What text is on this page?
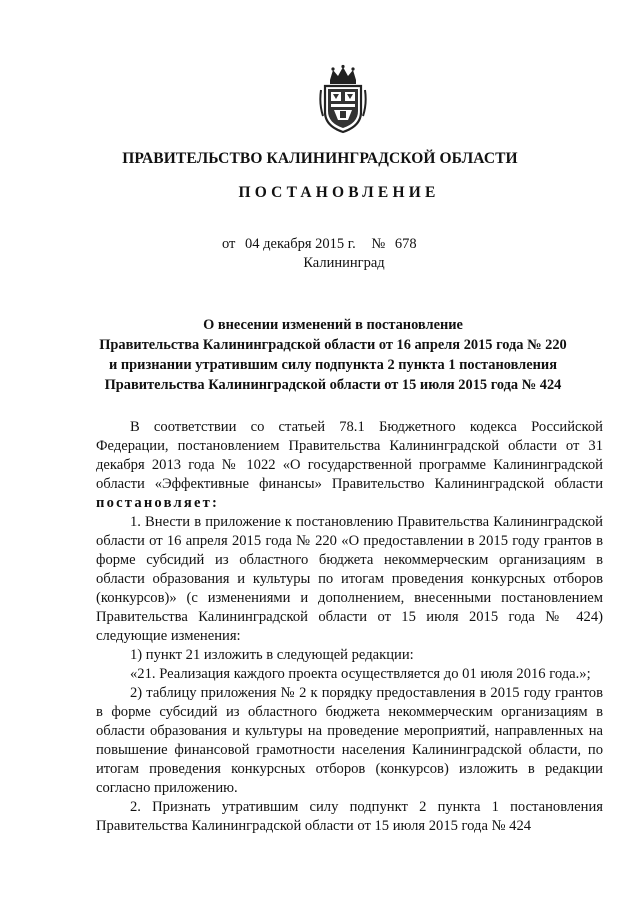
ПРАВИТЕЛЬСТВО КАЛИНИНГРАДСКОЙ ОБЛАСТИ
ПОСТАНОВЛЕНИЕ
от 04 декабря 2015 г. № 678
Калининград
О внесении изменений в постановление
Правительства Калининградской области от 16 апреля 2015 года № 220
и признании утратившим силу подпункта 2 пункта 1 постановления
Правительства Калининградской области от 15 июля 2015 года № 424

В соответствии со статьей 78.1 Бюджетного кодекса Российской Федерации, постановлением Правительства Калининградской области от 31 декабря 2013 года № 1022 «О государственной программе Калининградской области «Эффективные финансы» Правительство Калининградской области постановляет:

1. Внести в приложение к постановлению Правительства Калининградской области от 16 апреля 2015 года № 220 «О предоставлении в 2015 году грантов в форме субсидий из областного бюджета некоммерческим организациям в области образования и культуры по итогам проведения конкурсных отборов (конкурсов)» (с изменениями и дополнением, внесенными постановлением Правительства Калининградской области от 15 июля 2015 года № 424) следующие изменения:

1) пункт 21 изложить в следующей редакции:

«21. Реализация каждого проекта осуществляется до 01 июля 2016 года.»;

2) таблицу приложения № 2 к порядку предоставления в 2015 году грантов в форме субсидий из областного бюджета некоммерческим организациям в области образования и культуры на проведение мероприятий, направленных на повышение финансовой грамотности населения Калининградской области, по итогам проведения конкурсных отборов (конкурсов) изложить в редакции согласно приложению.

2. Признать утратившим силу подпункт 2 пункта 1 постановления Правительства Калининградской области от 15 июля 2015 года № 424
